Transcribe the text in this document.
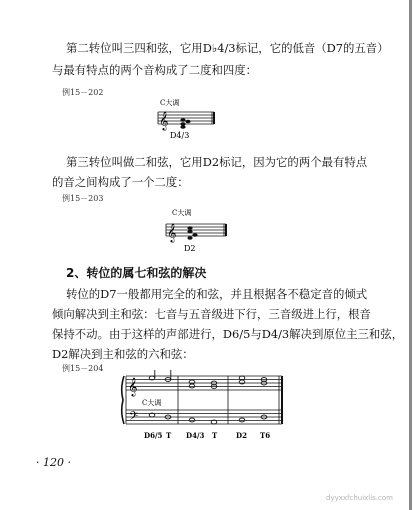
第二转位叫三四和弦，它用D♭4/3标记，它的低音（D7的五音）
与最有特点的两个音构成了二度和四度：
例15－202
C大调
𝄞
D4/3
第三转位叫做二和弦，它用D2标记，因为它的两个最有特点
的音之间构成了一个二度：
例15－203
C大调
𝄞
D2
2、转位的属七和弦的解决
转位的D7一般都用完全的和弦，并且根据各不稳定音的倾式
倾向解决到主和弦：七音与五音级进下行，三音级进上行，根音
保持不动。由于这样的声部进行，D6/5与D4/3解决到原位主三和弦，
D2解决到主和弦的六和弦：
例15－204
𝄞
𝄢
C大调
D6/5 T D4/3 T	D2 T6
· 120 ·
dyyxxfchuixlis.com
